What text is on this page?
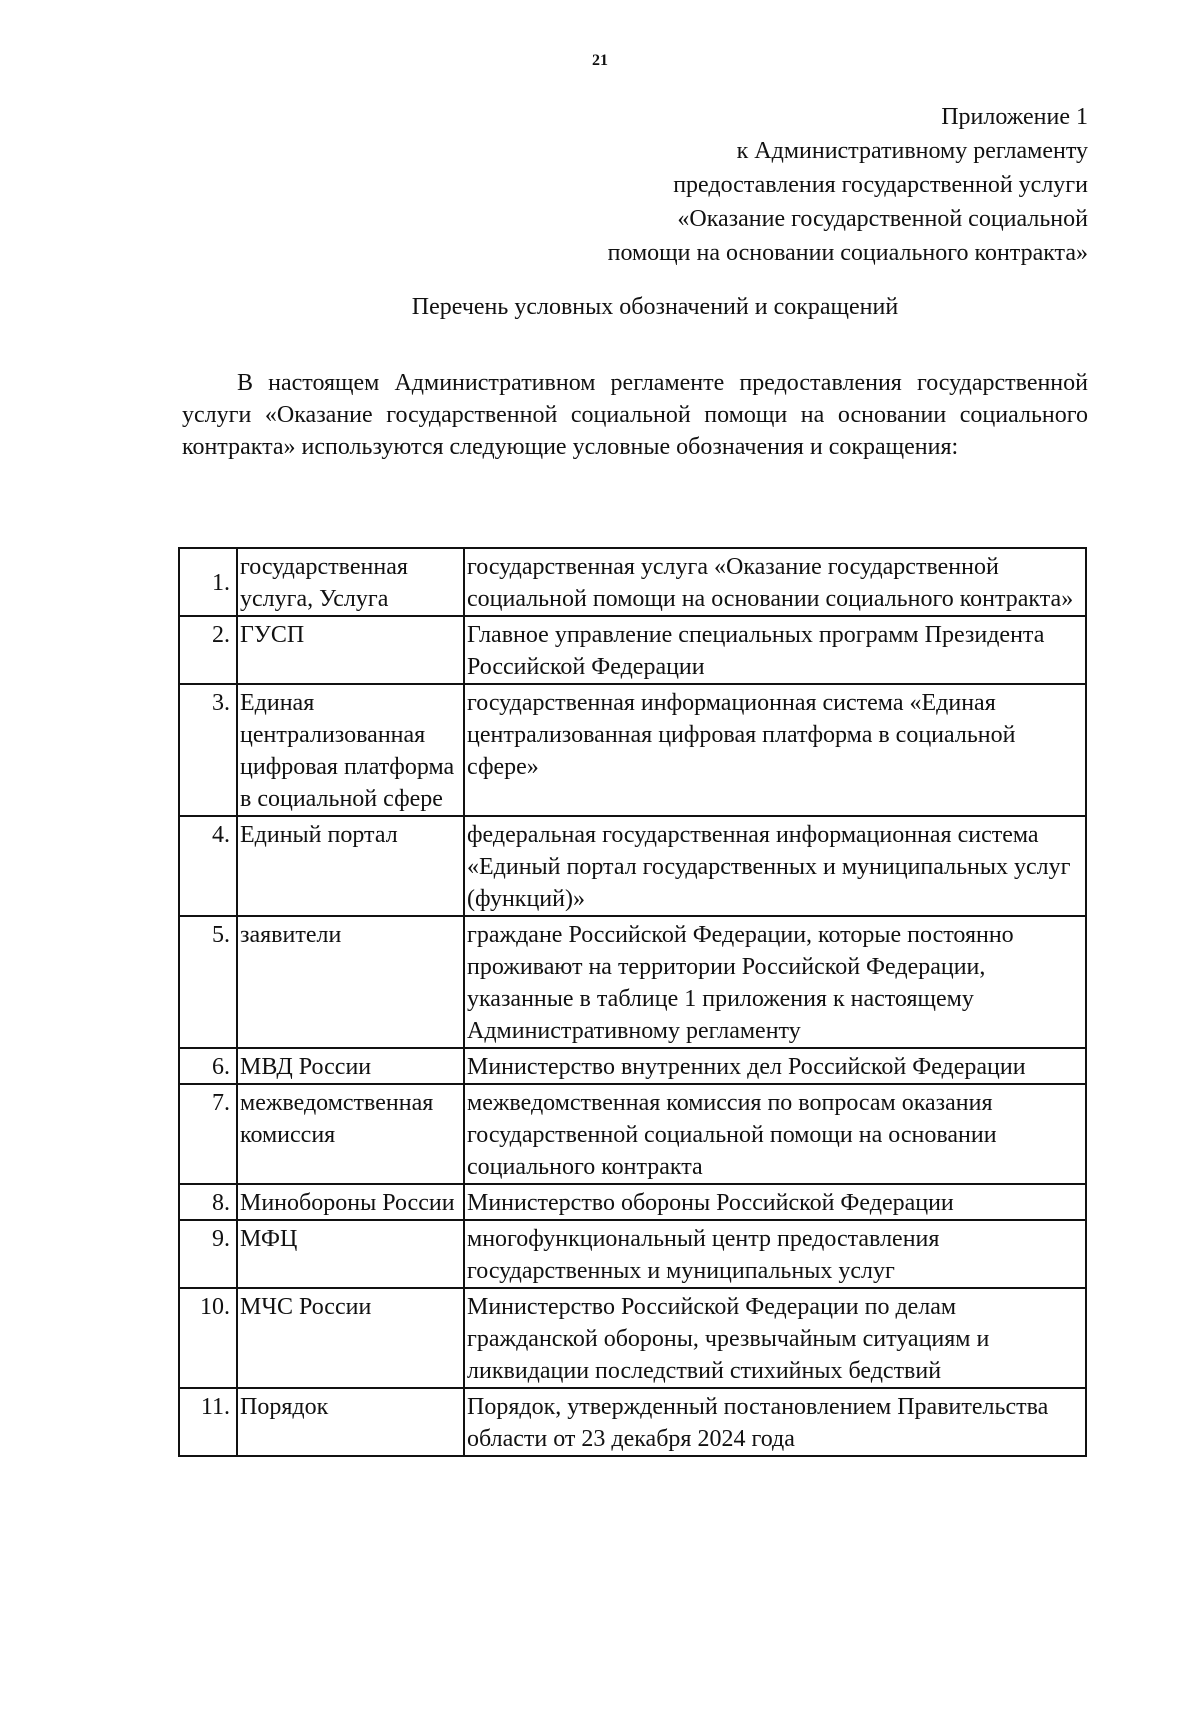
21
Приложение 1
к Административному регламенту
предоставления государственной услуги
«Оказание государственной социальной
помощи на основании социального контракта»
Перечень условных обозначений и сокращений
В настоящем Административном регламенте предоставления государственной услуги «Оказание государственной социальной помощи на основании социального контракта» используются следующие условные обозначения и сокращения:
1.	государственная услуга, Услуга	государственная услуга «Оказание государственной социальной помощи на основании социального контракта»
2.	ГУСП	Главное управление специальных программ Президента Российской Федерации
3.	Единая централизованная цифровая платформа в социальной сфере	государственная информационная система «Единая централизованная цифровая платформа в социальной сфере»
4.	Единый портал	федеральная государственная информационная система «Единый портал государственных и муниципальных услуг (функций)»
5.	заявители	граждане Российской Федерации, которые постоянно проживают на территории Российской Федерации, указанные в таблице 1 приложения к настоящему Административному регламенту
6.	МВД России	Министерство внутренних дел Российской Федерации
7.	межведомственная комиссия	межведомственная комиссия по вопросам оказания государственной социальной помощи на основании социального контракта
8.	Минобороны России	Министерство обороны Российской Федерации
9.	МФЦ	многофункциональный центр предоставления государственных и муниципальных услуг
10.	МЧС России	Министерство Российской Федерации по делам гражданской обороны, чрезвычайным ситуациям и ликвидации последствий стихийных бедствий
11.	Порядок	Порядок, утвержденный постановлением Правительства области от 23 декабря 2024 года
